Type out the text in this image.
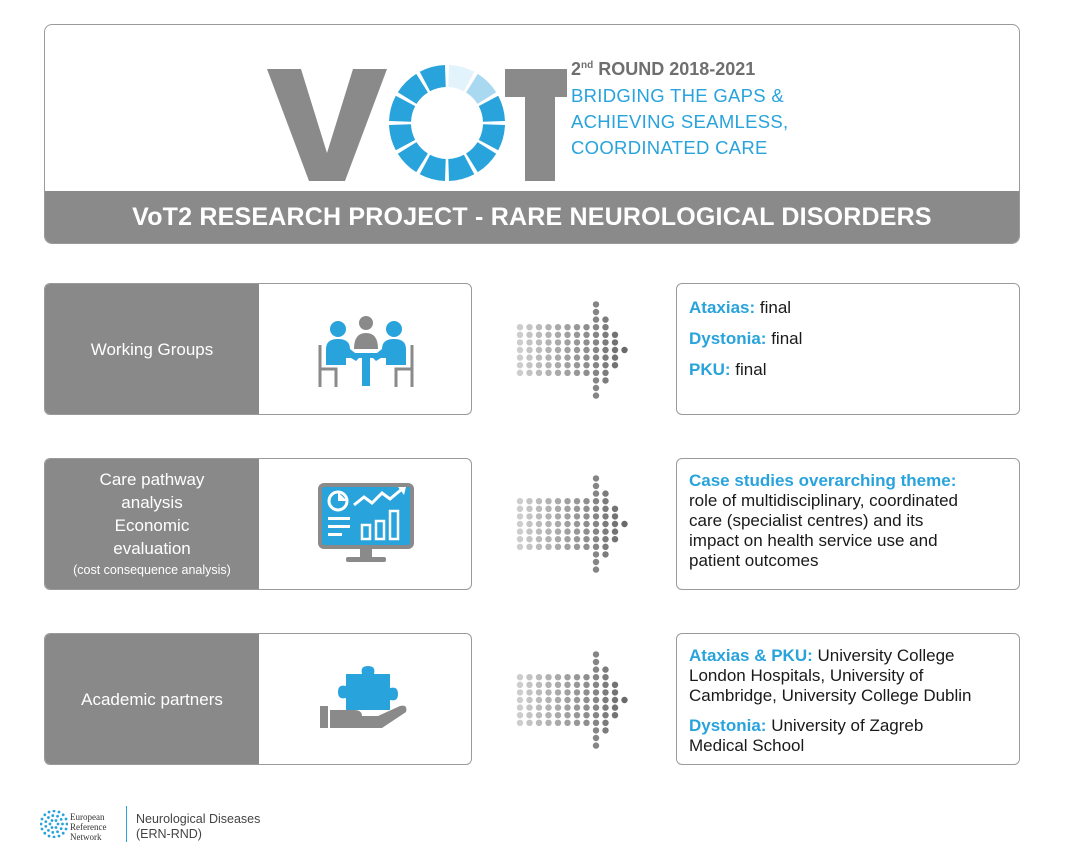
2nd ROUND 2018-2021
BRIDGING THE GAPS &
ACHIEVING SEAMLESS,
COORDINATED CARE
VoT2 RESEARCH PROJECT - RARE NEUROLOGICAL DISORDERS
Working Groups

Ataxias: final

Dystonia: final

PKU: final

Care pathway
analysis
Economic
evaluation
(cost consequence analysis)
Case studies overarching theme:
role of multidisciplinary, coordinated
care (specialist centres) and its
impact on health service use and
patient outcomes
Academic partners

Ataxias & PKU: University College
London Hospitals, University of
Cambridge, University College Dublin

Dystonia: University of Zagreb
Medical School

European
Reference
Network
Neurological Diseases
(ERN-RND)
